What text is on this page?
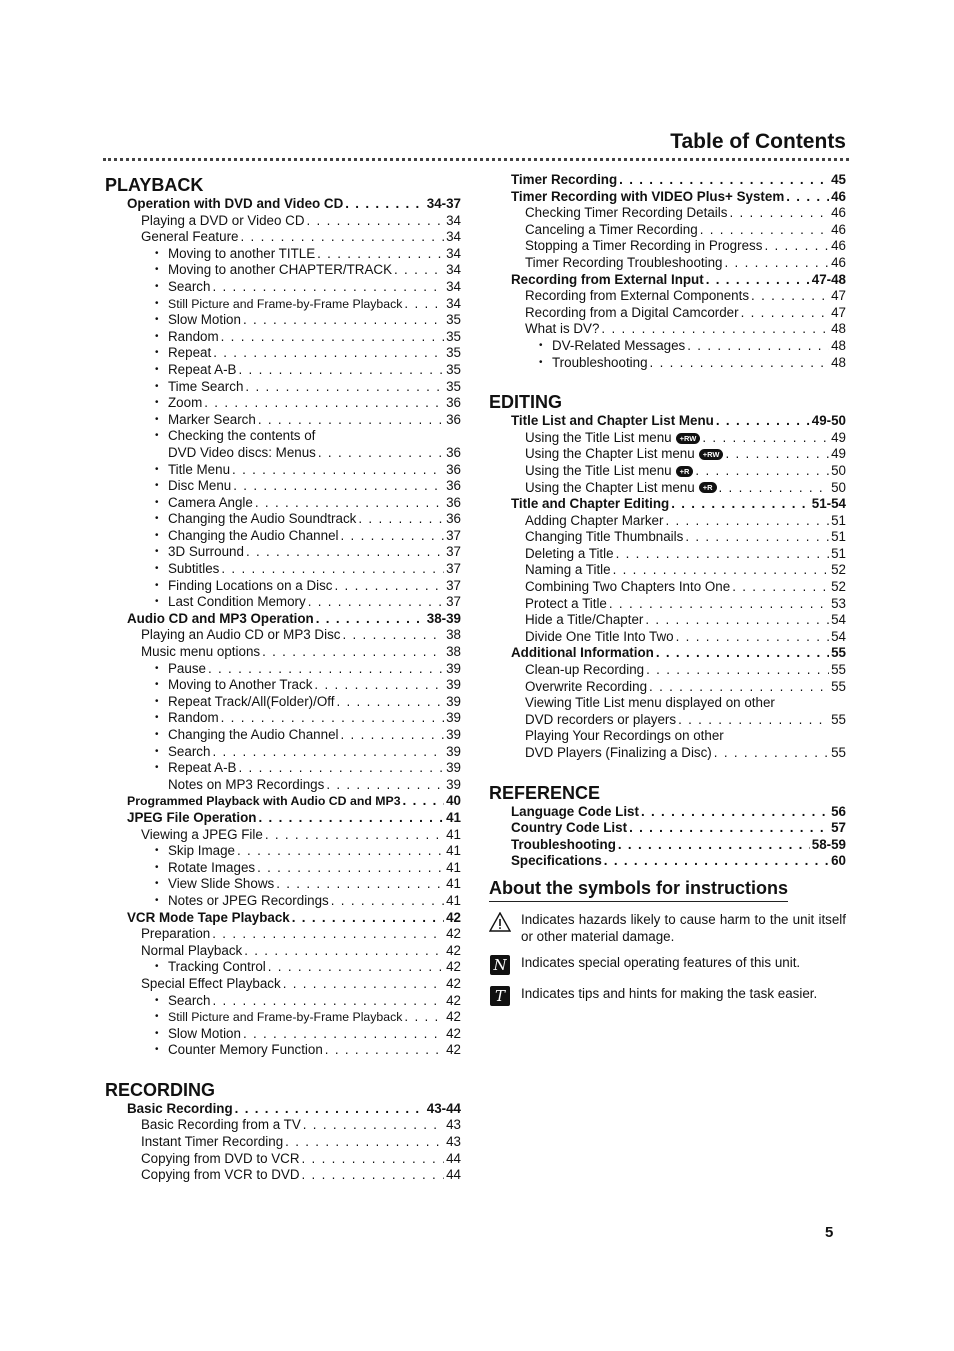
Table of Contents
PLAYBACK
Operation with DVD and Video CD . . .	34-37
Playing a DVD or Video CD . . .	34
General Feature . . .	34
• Moving to another TITLE . . .	34
• Moving to another CHAPTER/TRACK . . .	34
• Search . . .	34
• Still Picture and Frame-by-Frame Playback . . .	34
• Slow Motion . . .	35
• Random . . .	35
• Repeat . . .	35
• Repeat A-B . . .	35
• Time Search . . .	35
• Zoom . . .	36
• Marker Search . . .	36
• Checking the contents of
DVD Video discs: Menus . . .	36
• Title Menu . . .	36
• Disc Menu . . .	36
• Camera Angle . . .	36
• Changing the Audio Soundtrack . . .	36
• Changing the Audio Channel . . .	37
• 3D Surround . . .	37
• Subtitles . . .	37
• Finding Locations on a Disc . . .	37
• Last Condition Memory . . .	37
Audio CD and MP3 Operation . . .	38-39
Playing an Audio CD or MP3 Disc . . .	38
Music menu options . . .	38
• Pause . . .	39
• Moving to Another Track . . .	39
• Repeat Track/All(Folder)/Off . . .	39
• Random . . .	39
• Changing the Audio Channel . . .	39
• Search . . .	39
• Repeat A-B . . .	39
Notes on MP3 Recordings . . .	39
Programmed Playback with Audio CD and MP3 . . .	40
JPEG File Operation . . .	41
Viewing a JPEG File . . .	41
• Skip Image . . .	41
• Rotate Images . . .	41
• View Slide Shows . . .	41
• Notes or JPEG Recordings . . .	41
VCR Mode Tape Playback . . .	42
Preparation . . .	42
Normal Playback . . .	42
• Tracking Control . . .	42
Special Effect Playback . . .	42
• Search . . .	42
• Still Picture and Frame-by-Frame Playback . . .	42
• Slow Motion . . .	42
• Counter Memory Function . . .	42
RECORDING
Basic Recording . . .	43-44
Basic Recording from a TV . . .	43
Instant Timer Recording . . .	43
Copying from DVD to VCR . . .	44
Copying from VCR to DVD . . .	44
Timer Recording . . .	45
Timer Recording with VIDEO Plus+ System . . .	46
Checking Timer Recording Details . . .	46
Canceling a Timer Recording . . .	46
Stopping a Timer Recording in Progress . . .	46
Timer Recording Troubleshooting . . .	46
Recording from External Input . . .	47-48
Recording from External Components . . .	47
Recording from a Digital Camcorder . . .	47
What is DV? . . .	48
• DV-Related Messages . . .	48
• Troubleshooting . . .	48
EDITING
Title List and Chapter List Menu . . .	49-50
Using the Title List menu	+RW . . .	49
Using the Chapter List menu	+RW . . .	49
Using the Title List menu	+R . . .	50
Using the Chapter List menu	+R . . .	50
Title and Chapter Editing . . .	51-54
Adding Chapter Marker . . .	51
Changing Title Thumbnails . . .	51
Deleting a Title . . .	51
Naming a Title . . .	52
Combining Two Chapters Into One . . .	52
Protect a Title . . .	53
Hide a Title/Chapter . . .	54
Divide One Title Into Two . . .	54
Additional Information . . .	55
Clean-up Recording . . .	55
Overwrite Recording . . .	55
Viewing Title List menu displayed on other
DVD recorders or players . . .	55
Playing Your Recordings on other
DVD Players (Finalizing a Disc) . . .	55
REFERENCE
Language Code List . . .	56
Country Code List . . .	57
Troubleshooting . . .	58-59
Specifications . . .	60
About the symbols for instructions
Indicates hazards likely to cause harm to the unit itself or other material damage.
N Indicates special operating features of this unit.
T	Indicates tips and hints for making the task easier.
5
